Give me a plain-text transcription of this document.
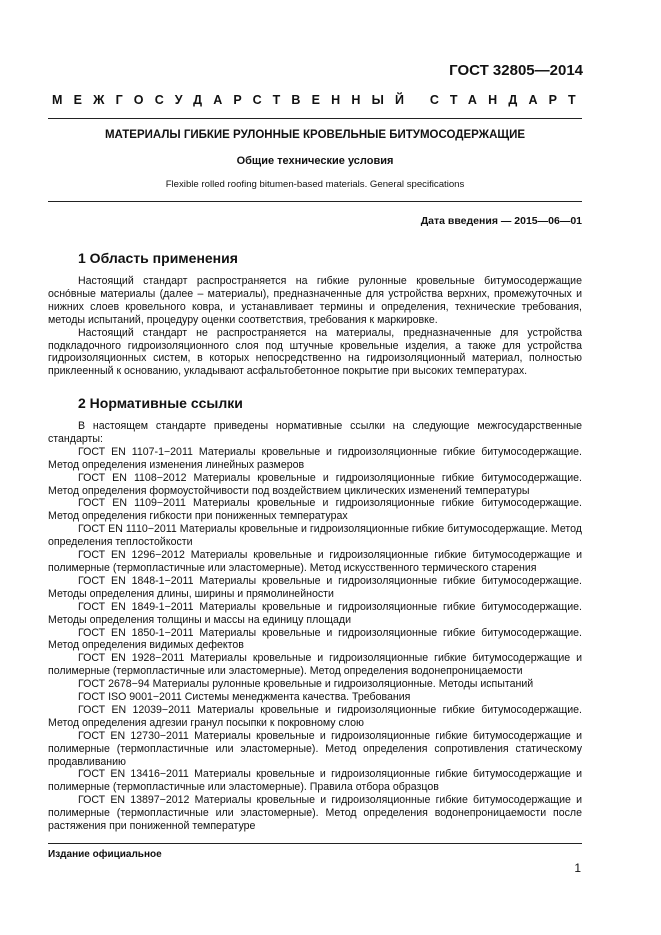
ГОСТ 32805—2014
МЕЖГОСУДАРСТВЕННЫЙ СТАНДАРТ
МАТЕРИАЛЫ ГИБКИЕ РУЛОННЫЕ КРОВЕЛЬНЫЕ БИТУМОСОДЕРЖАЩИЕ
Общие технические условия
Flexible rolled roofing bitumen-based materials. General specifications
Дата введения — 2015—06—01
1 Область применения

Настоящий стандарт распространяется на гибкие рулонные кровельные битумосодержащие оснóвные материалы (далее – материалы), предназначенные для устройства верхних, промежуточных и нижних слоев кровельного ковра, и устанавливает термины и определения, технические требования, методы испытаний, процедуру оценки соответствия, требования к маркировке.

Настоящий стандарт не распространяется на материалы, предназначенные для устройства подкладочного гидроизоляционного слоя под штучные кровельные изделия, а также для устройства гидроизоляционных систем, в которых непосредственно на гидроизоляционный материал, полностью приклеенный к основанию, укладывают асфальтобетонное покрытие при высоких температурах.

2 Нормативные ссылки

В настоящем стандарте приведены нормативные ссылки на следующие межгосударственные стандарты:

ГОСТ EN 1107-1−2011 Материалы кровельные и гидроизоляционные гибкие битумосодержащие. Метод определения изменения линейных размеров
ГОСТ EN 1108−2012 Материалы кровельные и гидроизоляционные гибкие битумосодержащие. Метод определения формоустойчивости под воздействием циклических изменений температуры
ГОСТ EN 1109−2011 Материалы кровельные и гидроизоляционные гибкие битумосодержащие. Метод определения гибкости при пониженных температурах
ГОСТ EN 1110−2011 Материалы кровельные и гидроизоляционные гибкие битумосодержащие. Метод определения теплостойкости
ГОСТ EN 1296−2012 Материалы кровельные и гидроизоляционные гибкие битумосодержащие и полимерные (термопластичные или эластомерные). Метод искусственного термического старения
ГОСТ EN 1848-1−2011 Материалы кровельные и гидроизоляционные гибкие битумосодержащие. Методы определения длины, ширины и прямолинейности
ГОСТ EN 1849-1−2011 Материалы кровельные и гидроизоляционные гибкие битумосодержащие. Методы определения толщины и массы на единицу площади
ГОСТ EN 1850-1−2011 Материалы кровельные и гидроизоляционные гибкие битумосодержащие. Метод определения видимых дефектов
ГОСТ EN 1928−2011 Материалы кровельные и гидроизоляционные гибкие битумосодержащие и полимерные (термопластичные или эластомерные). Метод определения водонепроницаемости
ГОСТ 2678−94 Материалы рулонные кровельные и гидроизоляционные. Методы испытаний
ГОСТ ISO 9001−2011 Системы менеджмента качества. Требования
ГОСТ EN 12039−2011 Материалы кровельные и гидроизоляционные гибкие битумосодержащие. Метод определения адгезии гранул посыпки к покровному слою
ГОСТ EN 12730−2011 Материалы кровельные и гидроизоляционные гибкие битумосодержащие и полимерные (термопластичные или эластомерные). Метод определения сопротивления статическому продавливанию
ГОСТ EN 13416−2011 Материалы кровельные и гидроизоляционные гибкие битумосодержащие и полимерные (термопластичные или эластомерные). Правила отбора образцов
ГОСТ EN 13897−2012 Материалы кровельные и гидроизоляционные гибкие битумосодержащие и полимерные (термопластичные или эластомерные). Метод определения водонепроницаемости после растяжения при пониженной температуре
Издание официальное
1
